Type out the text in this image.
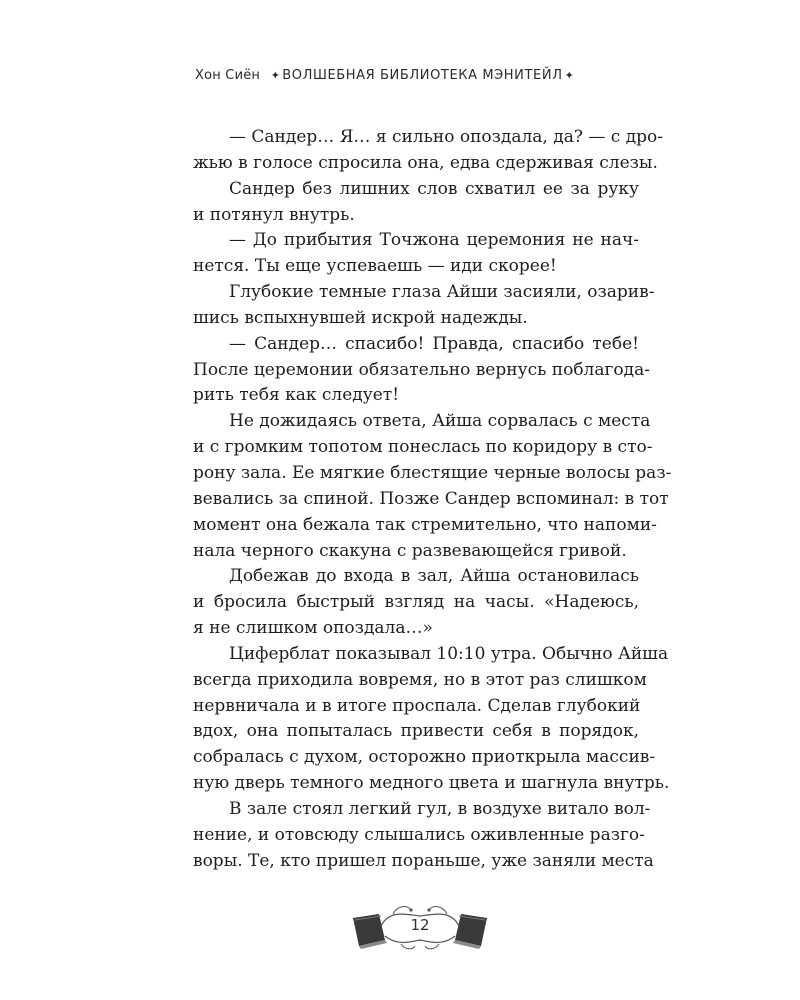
Хон Сиён ✦ ВОЛШЕБНАЯ БИБЛИОТЕКА МЭНИТЕЙЛ ✦
— Сандер… Я… я сильно опоздала, да? — с дро-
жью в голосе спросила она, едва сдерживая слезы.
Сандер без лишних слов схватил ее за руку
и потянул внутрь.
— До прибытия Точжона церемония не нач-
нется. Ты еще успеваешь — иди скорее!
Глубокие темные глаза Айши засияли, озарив-
шись вспыхнувшей искрой надежды.
— Сандер… спасибо! Правда, спасибо тебе!
После церемонии обязательно вернусь поблагода-
рить тебя как следует!
Не дожидаясь ответа, Айша сорвалась с места
и с громким топотом понеслась по коридору в сто-
рону зала. Ее мягкие блестящие черные волосы раз-
вевались за спиной. Позже Сандер вспоминал: в тот
момент она бежала так стремительно, что напоми-
нала черного скакуна с развевающейся гривой.
Добежав до входа в зал, Айша остановилась
и бросила быстрый взгляд на часы. «Надеюсь,
я не слишком опоздала…»
Циферблат показывал 10:10 утра. Обычно Айша
всегда приходила вовремя, но в этот раз слишком
нервничала и в итоге проспала. Сделав глубокий
вдох, она попыталась привести себя в порядок,
собралась с духом, осторожно приоткрыла массив-
ную дверь темного медного цвета и шагнула внутрь.
В зале стоял легкий гул, в воздухе витало вол-
нение, и отовсюду слышались оживленные разго-
воры. Те, кто пришел пораньше, уже заняли места
12
